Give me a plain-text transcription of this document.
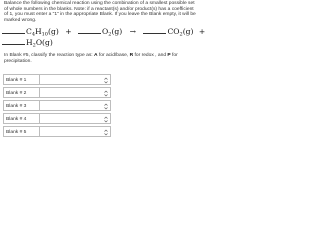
Balance the following chemical reaction using the combination of a smallest possible set of whole numbers in the blanks. Note: if a reactant(s) and/or product(s) has a coefficient of 1, you must enter a "1" in the appropriate Blank. If you leave the Blank empty, it will be marked wrong.
$C_4H_{10}(g)$ +	$O_2(g)$ →	$CO_2(g)$ +
$H_2O(g)$
In Blank #5, classify the reaction type as: A for acid/base, R for redox , and P for precipitation.
Blank # 1
Blank # 2
Blank # 3
Blank # 4
Blank # 5
